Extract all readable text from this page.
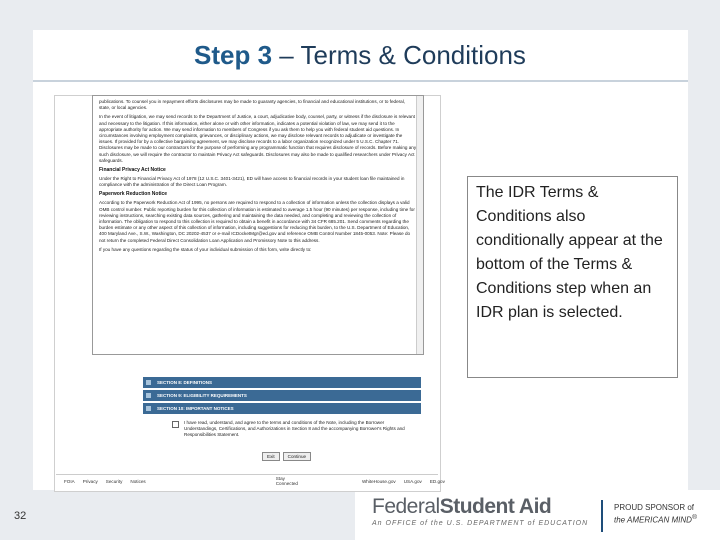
Step 3 – Terms & Conditions
publications. To counsel you in repayment efforts disclosures may be made to guaranty agencies, to financial and educational institutions, or to federal, state, or local agencies.
In the event of litigation, we may send records to the Department of Justice, a court, adjudicative body, counsel, party, or witness if the disclosure is relevant and necessary to the litigation. If this information, either alone or with other information, indicates a potential violation of law, we may send it to the appropriate authority for action. We may send information to members of Congress if you ask them to help you with federal student aid questions. In circumstances involving employment complaints, grievances, or disciplinary actions, we may disclose relevant records to adjudicate or investigate the issues. If provided for by a collective bargaining agreement, we may disclose records to a labor organization recognized under 5 U.S.C. Chapter 71. Disclosures may be made to our contractors for the purpose of performing any programmatic function that requires disclosure of records. Before making any such disclosure, we will require the contractor to maintain Privacy Act safeguards. Disclosures may also be made to qualified researchers under Privacy Act safeguards.
Financial Privacy Act Notice
Under the Right to Financial Privacy Act of 1978 (12 U.S.C. 3401-3421), ED will have access to financial records in your student loan file maintained in compliance with the administration of the Direct Loan Program.
Paperwork Reduction Notice
According to the Paperwork Reduction Act of 1995, no persons are required to respond to a collection of information unless the collection displays a valid OMB control number. Public reporting burden for this collection of information is estimated to average 1.5 hour (90 minutes) per response, including time for reviewing instructions, searching existing data sources, gathering and maintaining the data needed, and completing and reviewing the collection of information. The obligation to respond to this collection is required to obtain a benefit in accordance with 34 CFR 685.201. Send comments regarding the burden estimate or any other aspect of this collection of information, including suggestions for reducing this burden, to the U.S. Department of Education, 400 Maryland Ave., S.W., Washington, DC 20202-4537 or e-mail ICDocketMgr@ed.gov and reference OMB Control Number 1845-0053. Note: Please do not return the completed Federal Direct Consolidation Loan Application and Promissory Note to this address.
If you have any questions regarding the status of your individual submission of this form, write directly to:
SECTION 8: DEFINITIONS
SECTION 9: ELIGIBILITY REQUIREMENTS
SECTION 10: IMPORTANT NOTICES
I have read, understand, and agree to the terms and conditions of the Note, including the Borrower Understandings, Certifications, and Authorizations in Section 8 and the accompanying Borrower's Rights and Responsibilities Statement.
Exit	Continue
FOIA Privacy Security Notices	Stay Connected	WhiteHouse.gov USA.gov ED.gov

The IDR Terms & Conditions also conditionally appear at the bottom of the Terms & Conditions step when an IDR plan is selected.

32	FederalStudent Aid
An OFFICE of the U.S. DEPARTMENT of EDUCATION
PROUD SPONSOR of
the AMERICAN MIND®
